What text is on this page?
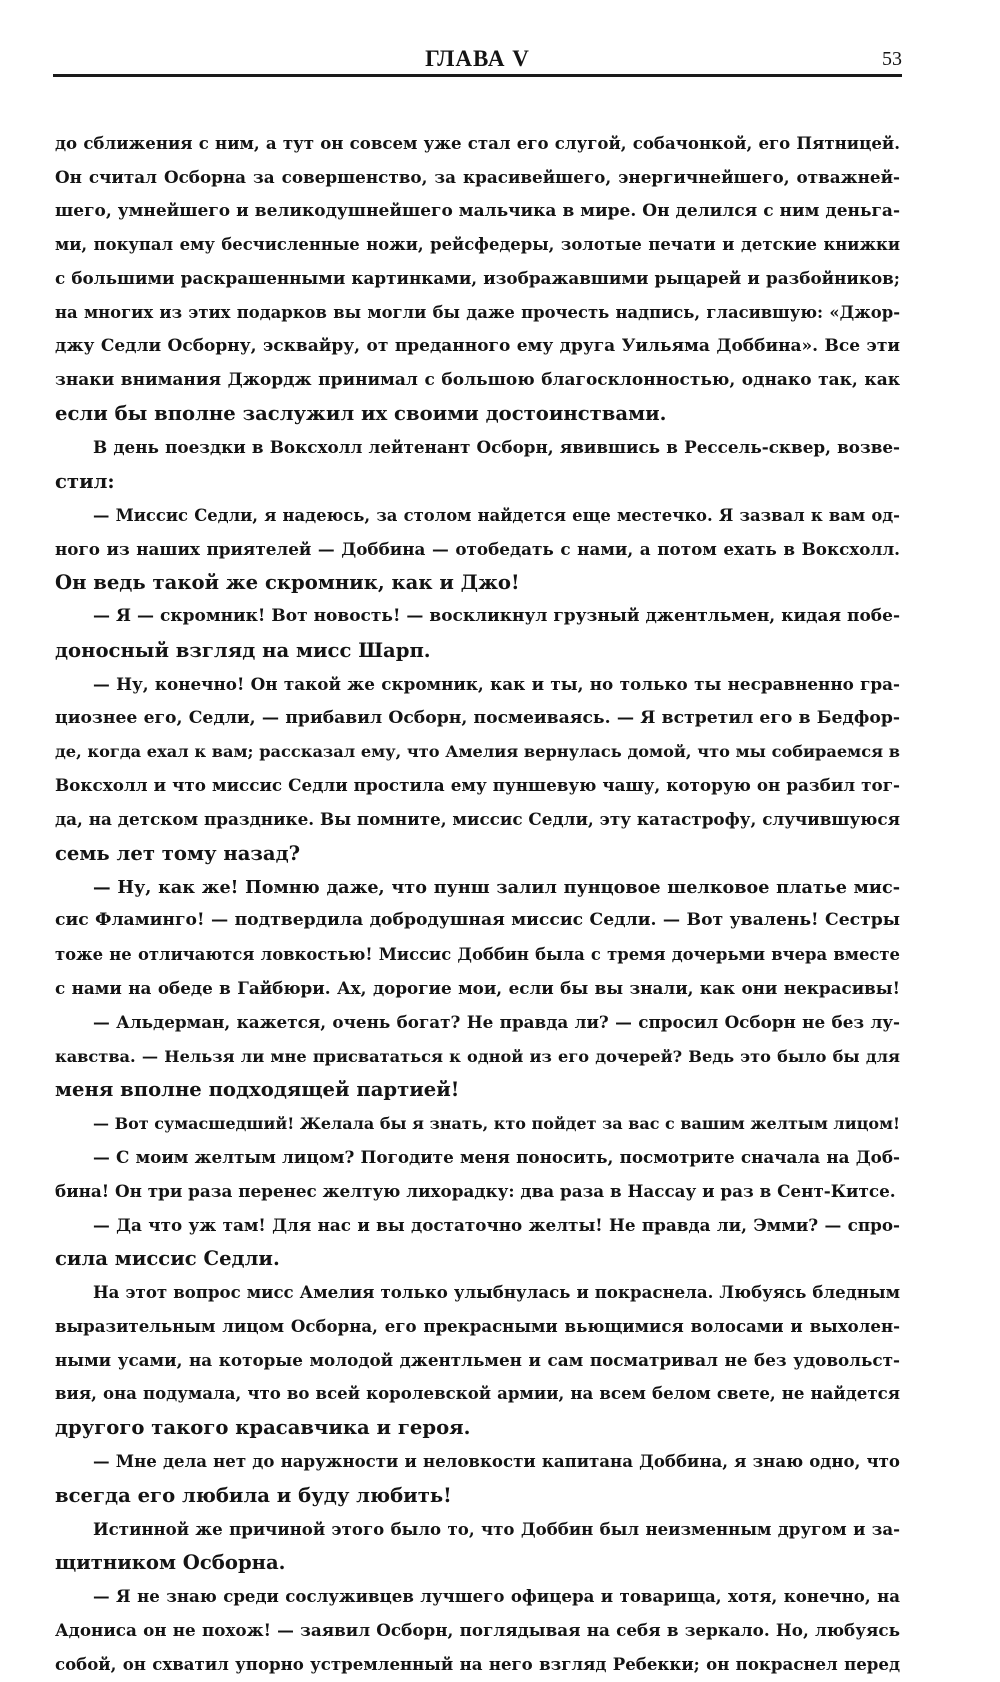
ГЛАВА V	53
до сближения с ним, а тут он совсем уже стал его слугой, собачонкой, его Пятницей.
Он считал Осборна за совершенство, за красивейшего, энергичнейшего, отважней-
шего, умнейшего и великодушнейшего мальчика в мире. Он делился с ним деньга-
ми, покупал ему бесчисленные ножи, рейсфедеры, золотые печати и детские книжки
с большими раскрашенными картинками, изображавшими рыцарей и разбойников;
на многих из этих подарков вы могли бы даже прочесть надпись, гласившую: «Джор-
джу Седли Осборну, эсквайру, от преданного ему друга Уильяма Доббина». Все эти
знаки внимания Джордж принимал с большою благосклонностью, однако так, как
если бы вполне заслужил их своими достоинствами.
В день поездки в Воксхолл лейтенант Осборн, явившись в Рессель-сквер, возве-
стил:
— Миссис Седли, я надеюсь, за столом найдется еще местечко. Я зазвал к вам од-
ного из наших приятелей — Доббина — отобедать с нами, а потом ехать в Воксхолл.
Он ведь такой же скромник, как и Джо!
— Я — скромник! Вот новость! — воскликнул грузный джентльмен, кидая побе-
доносный взгляд на мисс Шарп.
— Ну, конечно! Он такой же скромник, как и ты, но только ты несравненно гра-
циознее его, Седли, — прибавил Осборн, посмеиваясь. — Я встретил его в Бедфор-
де, когда ехал к вам; рассказал ему, что Амелия вернулась домой, что мы собираемся в
Воксхолл и что миссис Седли простила ему пуншевую чашу, которую он разбил тог-
да, на детском празднике. Вы помните, миссис Седли, эту катастрофу, случившуюся
семь лет тому назад?
— Ну, как же! Помню даже, что пунш залил пунцовое шелковое платье мис-
сис Фламинго! — подтвердила добродушная миссис Седли. — Вот увалень! Сестры
тоже не отличаются ловкостью! Миссис Доббин была с тремя дочерьми вчера вместе
с нами на обеде в Гайбюри. Ах, дорогие мои, если бы вы знали, как они некрасивы!
— Альдерман, кажется, очень богат? Не правда ли? — спросил Осборн не без лу-
кавства. — Нельзя ли мне присвататься к одной из его дочерей? Ведь это было бы для
меня вполне подходящей партией!
— Вот сумасшедший! Желала бы я знать, кто пойдет за вас с вашим желтым лицом!
— С моим желтым лицом? Погодите меня поносить, посмотрите сначала на Доб-
бина! Он три раза перенес желтую лихорадку: два раза в Нассау и раз в Сент-Китсе.
— Да что уж там! Для нас и вы достаточно желты! Не правда ли, Эмми? — спро-
сила миссис Седли.
На этот вопрос мисс Амелия только улыбнулась и покраснела. Любуясь бледным
выразительным лицом Осборна, его прекрасными вьющимися волосами и выхолен-
ными усами, на которые молодой джентльмен и сам посматривал не без удовольст-
вия, она подумала, что во всей королевской армии, на всем белом свете, не найдется
другого такого красавчика и героя.
— Мне дела нет до наружности и неловкости капитана Доббина, я знаю одно, что
всегда его любила и буду любить!
Истинной же причиной этого было то, что Доббин был неизменным другом и за-
щитником Осборна.
— Я не знаю среди сослуживцев лучшего офицера и товарища, хотя, конечно, на
Адониса он не похож! — заявил Осборн, поглядывая на себя в зеркало. Но, любуясь
собой, он схватил упорно устремленный на него взгляд Ребекки; он покраснел перед
